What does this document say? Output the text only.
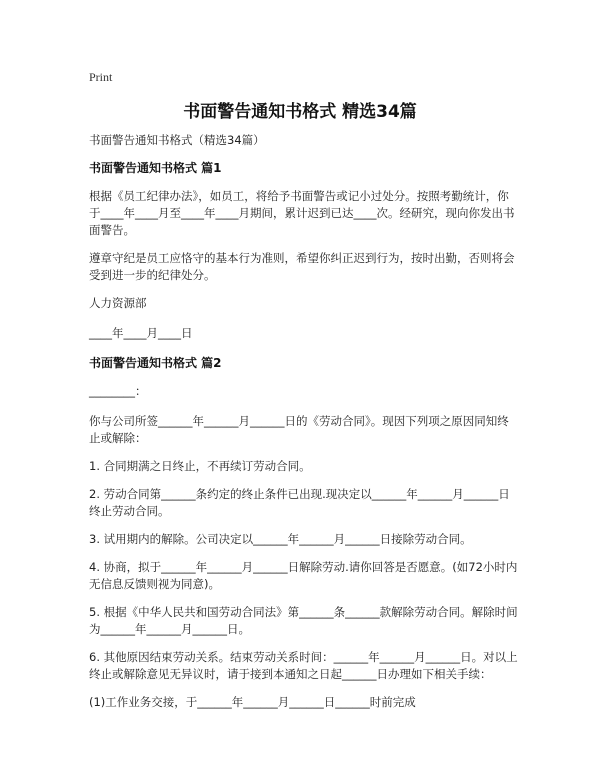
Print
书面警告通知书格式 精选34篇

书面警告通知书格式（精选34篇）

书面警告通知书格式 篇1

根据《员工纪律办法》，如员工，将给予书面警告或记小过处分。按照考勤统计，你于____年____月至____年____月期间，累计迟到已达____次。经研究，现向你发出书面警告。

遵章守纪是员工应恪守的基本行为准则，希望你纠正迟到行为，按时出勤，否则将会受到进一步的纪律处分。

人力资源部

____年____月____日

书面警告通知书格式 篇2

________：

你与公司所签______年______月______日的《劳动合同》。现因下列项之原因同知终止或解除：

1. 合同期满之日终止，不再续订劳动合同。

2. 劳动合同第______条约定的终止条件已出现.现决定以______年______月______日终止劳动合同。

3. 试用期内的解除。公司决定以______年______月______日接除劳动合同。

4. 协商，拟于______年______月______日解除劳动.请你回答是否愿意。(如72小时内无信息反馈则视为同意)。

5. 根据《中华人民共和国劳动合同法》第______条______款解除劳动合同。解除时间为______年______月______日。

6. 其他原因结束劳动关系。结束劳动关系时间：______年______月______日。对以上终止或解除意见无异议时，请于接到本通知之日起______日办理如下相关手续：

(1)工作业务交接，于______年______月______日______时前完成
